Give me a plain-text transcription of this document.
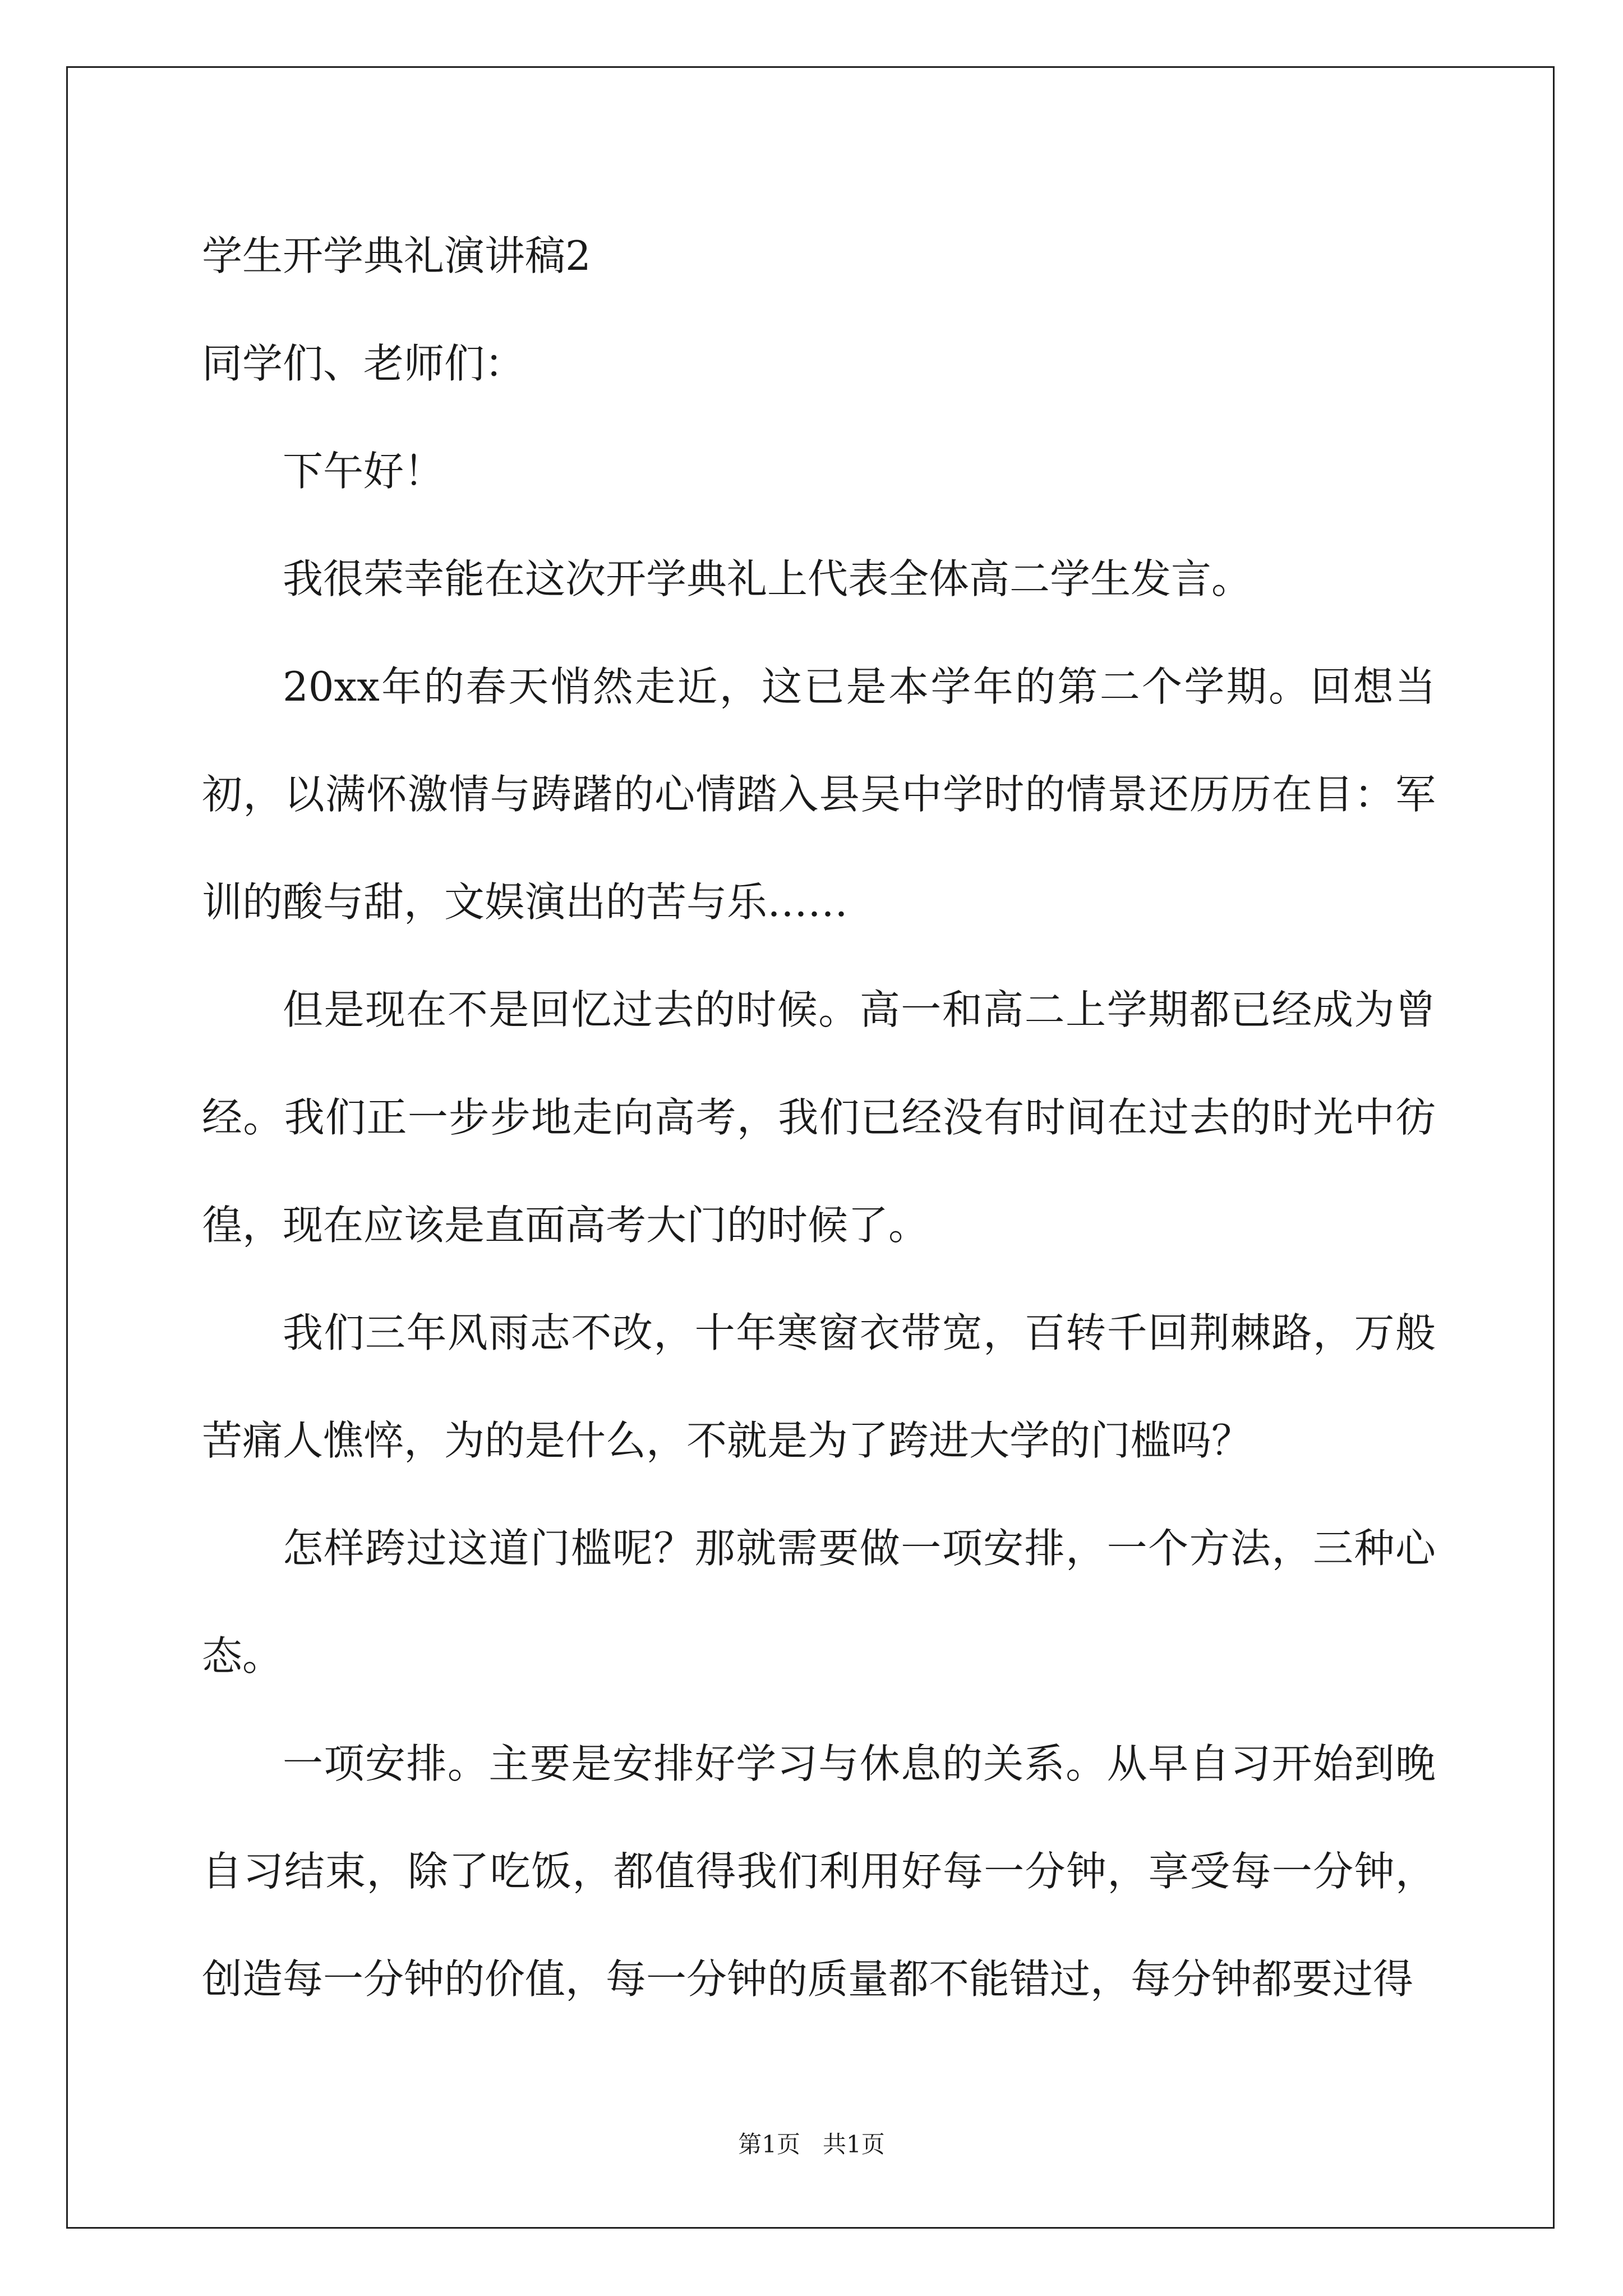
学生开学典礼演讲稿2

同学们、老师们：

下午好！

我很荣幸能在这次开学典礼上代表全体高二学生发言。

20xx年的春天悄然走近，这已是本学年的第二个学期。回想当初，以满怀激情与踌躇的心情踏入县吴中学时的情景还历历在目：军训的酸与甜，文娱演出的苦与乐……

但是现在不是回忆过去的时候。高一和高二上学期都已经成为曾经。我们正一步步地走向高考，我们已经没有时间在过去的时光中彷徨，现在应该是直面高考大门的时候了。

我们三年风雨志不改，十年寒窗衣带宽，百转千回荆棘路，万般苦痛人憔悴，为的是什么，不就是为了跨进大学的门槛吗？

怎样跨过这道门槛呢？那就需要做一项安排，一个方法，三种心态。

一项安排。主要是安排好学习与休息的关系。从早自习开始到晚自习结束，除了吃饭，都值得我们利用好每一分钟，享受每一分钟，创造每一分钟的价值，每一分钟的质量都不能错过，每分钟都要过得

第1页 共1页
